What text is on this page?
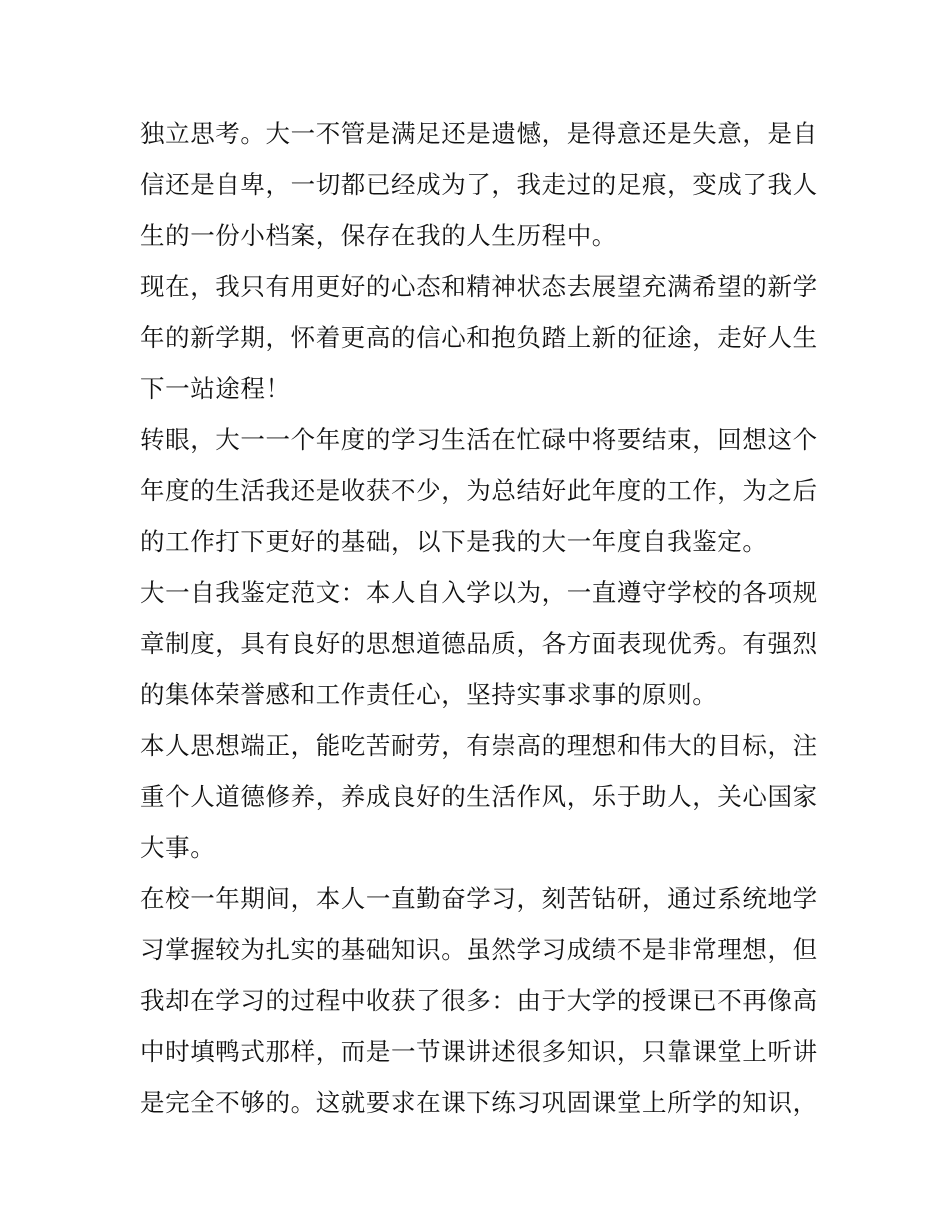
独立思考。大一不管是满足还是遗憾，是得意还是失意，是自
信还是自卑，一切都已经成为了，我走过的足痕，变成了我人
生的一份小档案，保存在我的人生历程中。
现在，我只有用更好的心态和精神状态去展望充满希望的新学
年的新学期，怀着更高的信心和抱负踏上新的征途，走好人生
下一站途程！
转眼，大一一个年度的学习生活在忙碌中将要结束，回想这个
年度的生活我还是收获不少，为总结好此年度的工作，为之后
的工作打下更好的基础，以下是我的大一年度自我鉴定。
大一自我鉴定范文：本人自入学以为，一直遵守学校的各项规
章制度，具有良好的思想道德品质，各方面表现优秀。有强烈
的集体荣誉感和工作责任心，坚持实事求事的原则。
本人思想端正，能吃苦耐劳，有崇高的理想和伟大的目标，注
重个人道德修养，养成良好的生活作风，乐于助人，关心国家
大事。
在校一年期间，本人一直勤奋学习，刻苦钻研，通过系统地学
习掌握较为扎实的基础知识。虽然学习成绩不是非常理想，但
我却在学习的过程中收获了很多：由于大学的授课已不再像高
中时填鸭式那样，而是一节课讲述很多知识，只靠课堂上听讲
是完全不够的。这就要求在课下练习巩固课堂上所学的知识，
